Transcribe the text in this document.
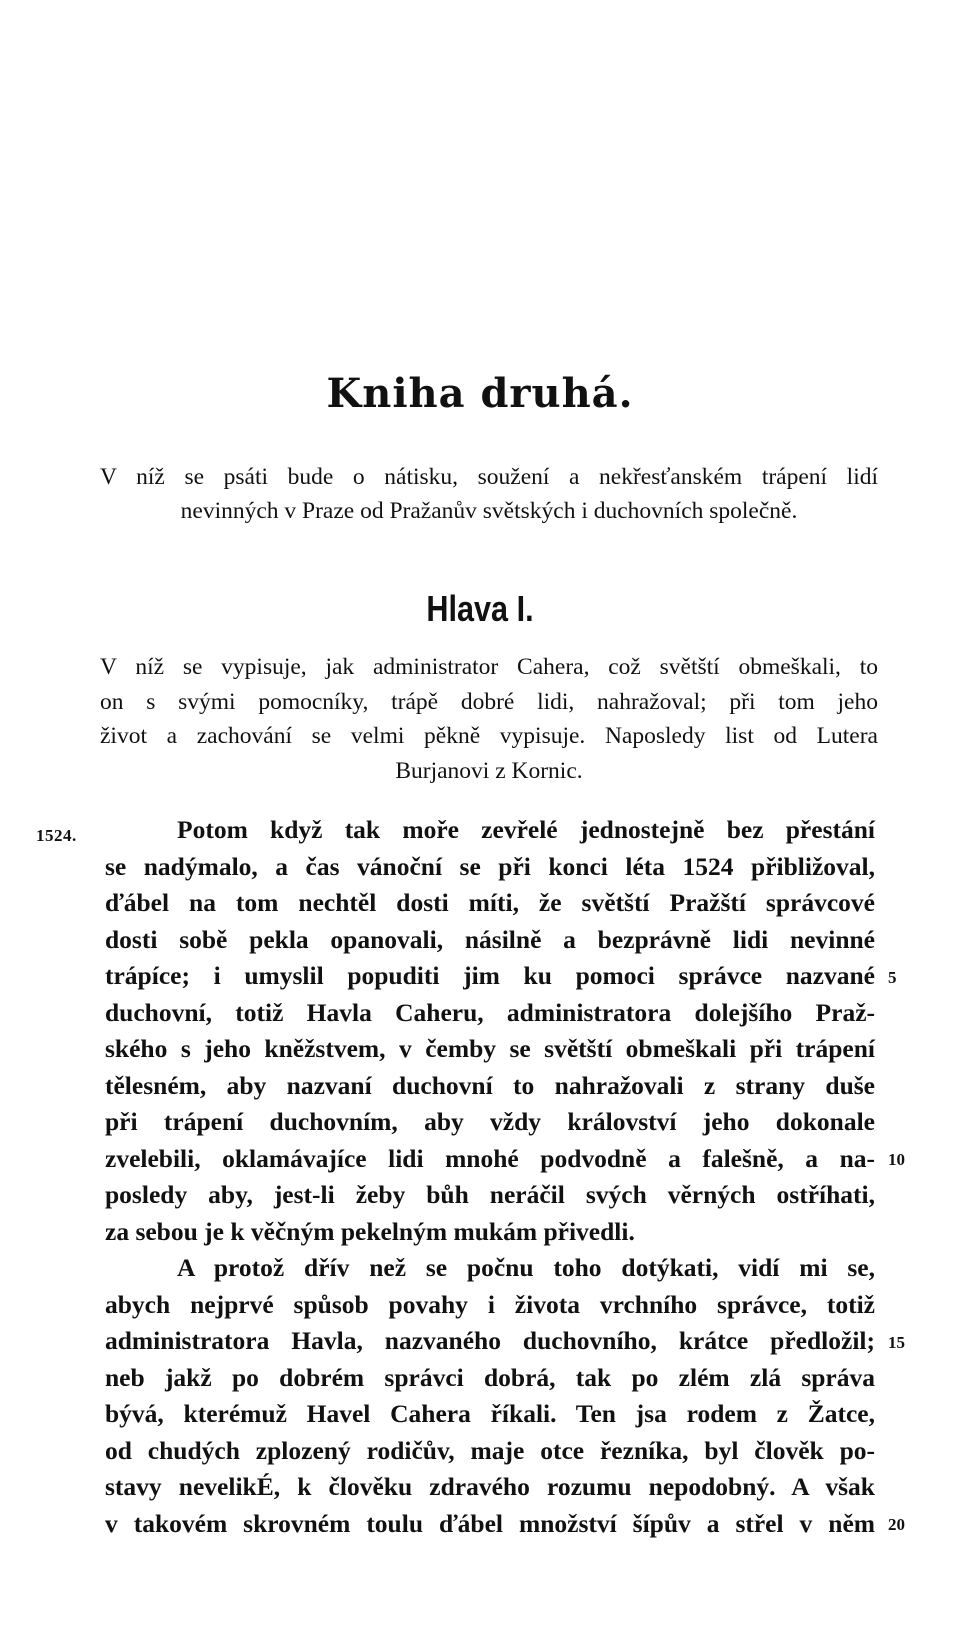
Kniha druhá.
V níž se psáti bude o nátisku, soužení a nekřesťanském trápení lidí
nevinných v Praze od Pražanův světských i duchovních společně.
Hlava I.
V níž se vypisuje, jak administrator Cahera, což světští obmeškali, to
on s svými pomocníky, trápě dobré lidi, nahražoval; při tom jeho
život a zachování se velmi pěkně vypisuje. Naposledy list od Lutera
Burjanovi z Kornic.
1524.	Potom když tak moře zevřelé jednostejně bez přestání
se nadýmalo, a čas vánoční se při konci léta 1524 přibližoval,
ďábel na tom nechtěl dosti míti, že světští Pražští správcové
dosti sobě pekla opanovali, násilně a bezprávně lidi nevinné
trápíce; i umyslil popuditi jim ku pomoci správce nazvané
duchovní, totiž Havla Caheru, administratora dolejšího Praž-
ského s jeho kněžstvem, v čemby se světští obmeškali při trápení
tělesném, aby nazvaní duchovní to nahražovali z strany duše
při trápení duchovním, aby vždy království jeho dokonale
zvelebili, oklamávajíce lidi mnohé podvodně a falešně, a na-
posledy aby, jest-li žeby bůh neráčil svých věrných ostříhati,
za sebou je k věčným pekelným mukám přivedli.
A protož dřív než se počnu toho dotýkati, vidí mi se,
abych nejprvé spůsob povahy i života vrchního správce, totiž
administratora Havla, nazvaného duchovního, krátce předložil;
neb jakž po dobrém správci dobrá, tak po zlém zlá správa
bývá, kterémuž Havel Cahera říkali. Ten jsa rodem z Žatce,
od chudých zplozený rodičův, maje otce řezníka, byl člověk po-
stavy nevelikÉ, k člověku zdravého rozumu nepodobný. A však
v takovém skrovném toulu ďábel množství šípův a střel v něm
5
10
15
20
